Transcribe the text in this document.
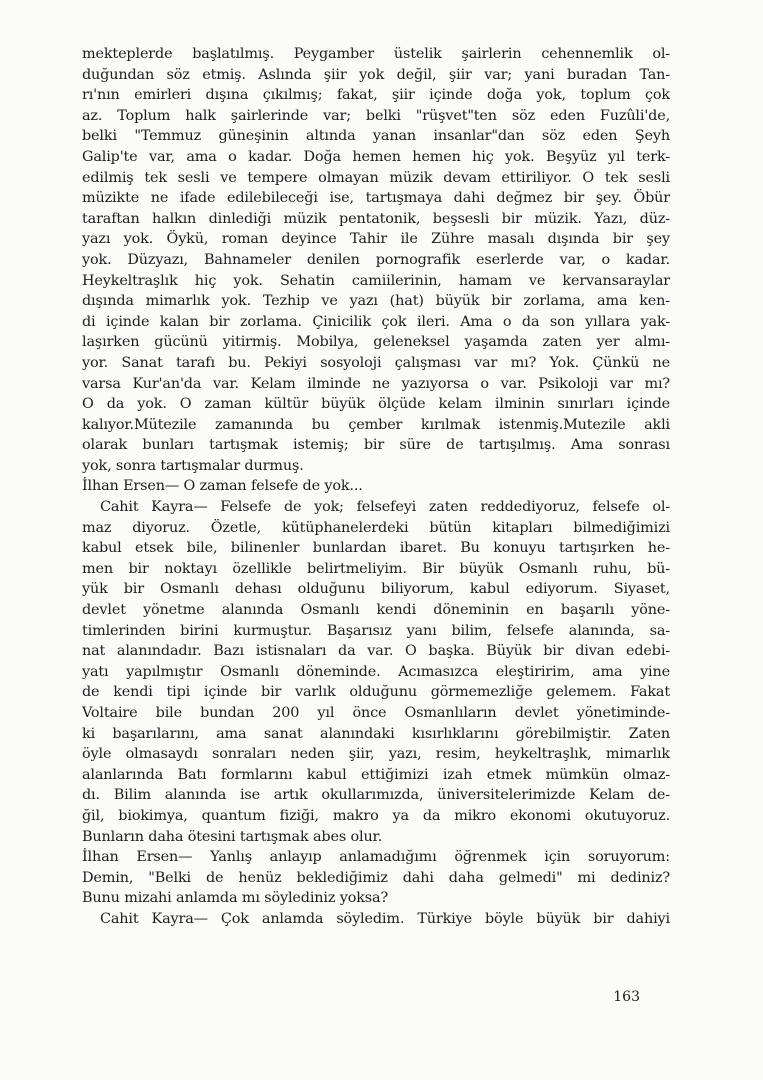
mekteplerde başlatılmış. Peygamber üstelik şairlerin cehennemlik ol-
duğundan söz etmiş. Aslında şiir yok değil, şiir var; yani buradan Tan-
rı'nın emirleri dışına çıkılmış; fakat, şiir içinde doğa yok, toplum çok
az. Toplum halk şairlerinde var; belki "rüşvet"ten söz eden Fuzûli'de,
belki "Temmuz güneşinin altında yanan insanlar"dan söz eden Şeyh
Galip'te var, ama o kadar. Doğa hemen hemen hiç yok. Beşyüz yıl terk-
edilmiş tek sesli ve tempere olmayan müzik devam ettiriliyor. O tek sesli
müzikte ne ifade edilebileceği ise, tartışmaya dahi değmez bir şey. Öbür
taraftan halkın dinlediği müzik pentatonik, beşsesli bir müzik. Yazı, düz-
yazı yok. Öykü, roman deyince Tahir ile Zühre masalı dışında bir şey
yok. Düzyazı, Bahnameler denilen pornografik eserlerde var, o kadar.
Heykeltraşlık hiç yok. Sehatin camiilerinin, hamam ve kervansaraylar
dışında mimarlık yok. Tezhip ve yazı (hat) büyük bir zorlama, ama ken-
di içinde kalan bir zorlama. Çinicilik çok ileri. Ama o da son yıllara yak-
laşırken gücünü yitirmiş. Mobilya, geleneksel yaşamda zaten yer almı-
yor. Sanat tarafı bu. Pekiyi sosyoloji çalışması var mı? Yok. Çünkü ne
varsa Kur'an'da var. Kelam ilminde ne yazıyorsa o var. Psikoloji var mı?
O da yok. O zaman kültür büyük ölçüde kelam ilminin sınırları içinde
kalıyor.Mütezile zamanında bu çember kırılmak istenmiş.Mutezile akli
olarak bunları tartışmak istemiş; bir süre de tartışılmış. Ama sonrası
yok, sonra tartışmalar durmuş.
İlhan Ersen— O zaman felsefe de yok...
Cahit Kayra— Felsefe de yok; felsefeyi zaten reddediyoruz, felsefe ol-
maz diyoruz. Özetle, kütüphanelerdeki bütün kitapları bilmediğimizi
kabul etsek bile, bilinenler bunlardan ibaret. Bu konuyu tartışırken he-
men bir noktayı özellikle belirtmeliyim. Bir büyük Osmanlı ruhu, bü-
yük bir Osmanlı dehası olduğunu biliyorum, kabul ediyorum. Siyaset,
devlet yönetme alanında Osmanlı kendi döneminin en başarılı yöne-
timlerinden birini kurmuştur. Başarısız yanı bilim, felsefe alanında, sa-
nat alanındadır. Bazı istisnaları da var. O başka. Büyük bir divan edebi-
yatı yapılmıştır Osmanlı döneminde. Acımasızca eleştiririm, ama yine
de kendi tipi içinde bir varlık olduğunu görmemezliğe gelemem. Fakat
Voltaire bile bundan 200 yıl önce Osmanlıların devlet yönetiminde-
ki başarılarını, ama sanat alanındaki kısırlıklarını görebilmiştir. Zaten
öyle olmasaydı sonraları neden şiir, yazı, resim, heykeltraşlık, mimarlık
alanlarında Batı formlarını kabul ettiğimizi izah etmek mümkün olmaz-
dı. Bilim alanında ise artık okullarımızda, üniversitelerimizde Kelam de-
ğil, biokimya, quantum fiziği, makro ya da mikro ekonomi okutuyoruz.
Bunların daha ötesini tartışmak abes olur.
İlhan Ersen— Yanlış anlayıp anlamadığımı öğrenmek için soruyorum:
Demin, "Belki de henüz beklediğimiz dahi daha gelmedi" mi dediniz?
Bunu mizahi anlamda mı söylediniz yoksa?
Cahit Kayra— Çok anlamda söyledim. Türkiye böyle büyük bir dahiyi
163
